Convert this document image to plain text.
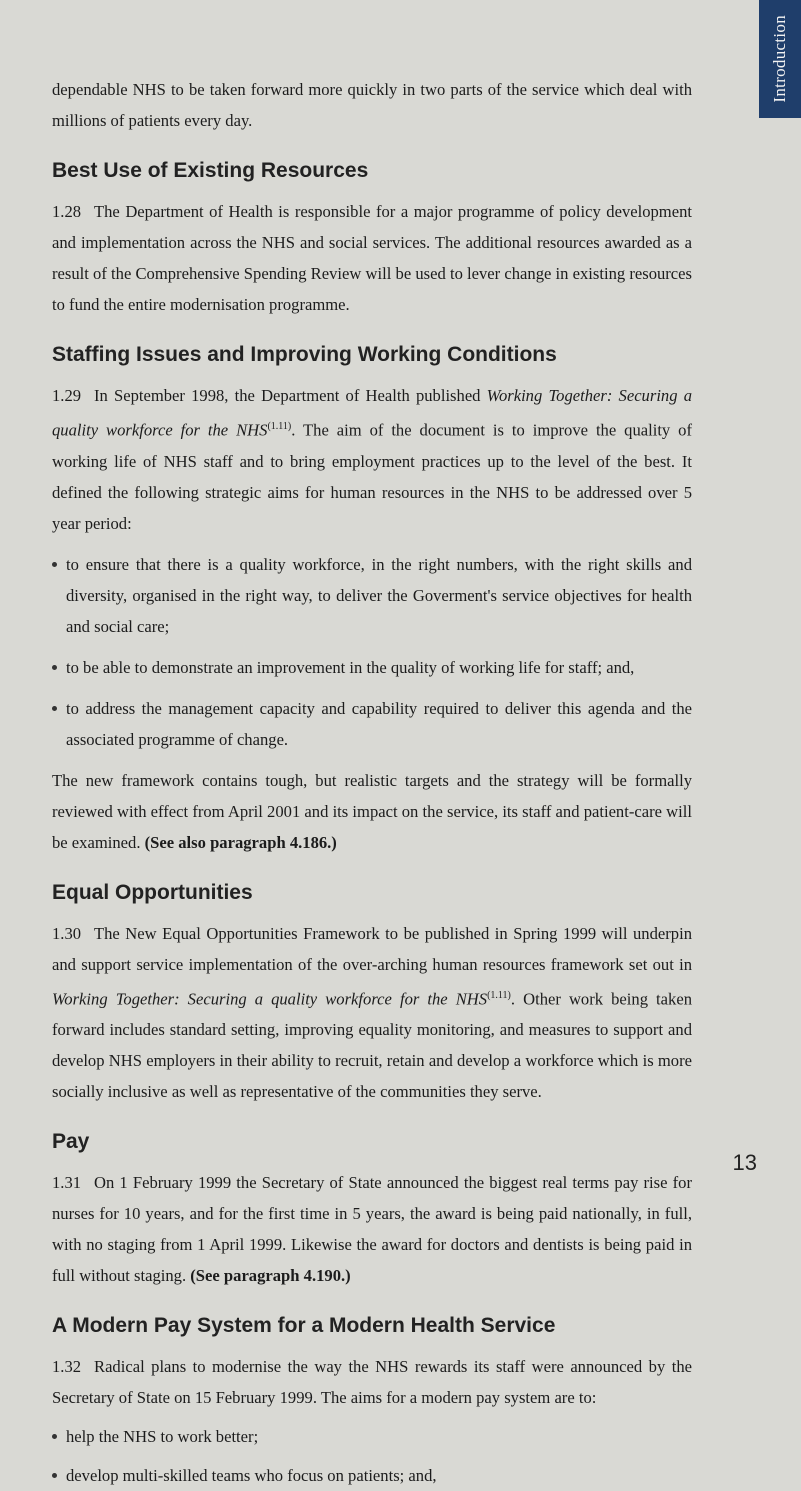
Introduction

dependable NHS to be taken forward more quickly in two parts of the service which deal with millions of patients every day.

Best Use of Existing Resources

1.28 The Department of Health is responsible for a major programme of policy development and implementation across the NHS and social services. The additional resources awarded as a result of the Comprehensive Spending Review will be used to lever change in existing resources to fund the entire modernisation programme.

Staffing Issues and Improving Working Conditions

1.29 In September 1998, the Department of Health published Working Together: Securing a quality workforce for the $NHS^{(1.11)}$. The aim of the document is to improve the quality of working life of NHS staff and to bring employment practices up to the level of the best. It defined the following strategic aims for human resources in the NHS to be addressed over 5 year period:

to ensure that there is a quality workforce, in the right numbers, with the right skills and diversity, organised in the right way, to deliver the Goverment's service objectives for health and social care;
to be able to demonstrate an improvement in the quality of working life for staff; and,
to address the management capacity and capability required to deliver this agenda and the associated programme of change.

The new framework contains tough, but realistic targets and the strategy will be formally reviewed with effect from April 2001 and its impact on the service, its staff and patient-care will be examined. (See also paragraph 4.186.)

Equal Opportunities

1.30 The New Equal Opportunities Framework to be published in Spring 1999 will underpin and support service implementation of the over-arching human resources framework set out in Working Together: Securing a quality workforce for the $NHS^{(1.11)}$. Other work being taken forward includes standard setting, improving equality monitoring, and measures to support and develop NHS employers in their ability to recruit, retain and develop a workforce which is more socially inclusive as well as representative of the communities they serve.

Pay

1.31 On 1 February 1999 the Secretary of State announced the biggest real terms pay rise for nurses for 10 years, and for the first time in 5 years, the award is being paid nationally, in full, with no staging from 1 April 1999. Likewise the award for doctors and dentists is being paid in full without staging. (See paragraph 4.190.)

A Modern Pay System for a Modern Health Service

1.32 Radical plans to modernise the way the NHS rewards its staff were announced by the Secretary of State on 15 February 1999. The aims for a modern pay system are to:

help the NHS to work better;
develop multi-skilled teams who focus on patients; and,
13
